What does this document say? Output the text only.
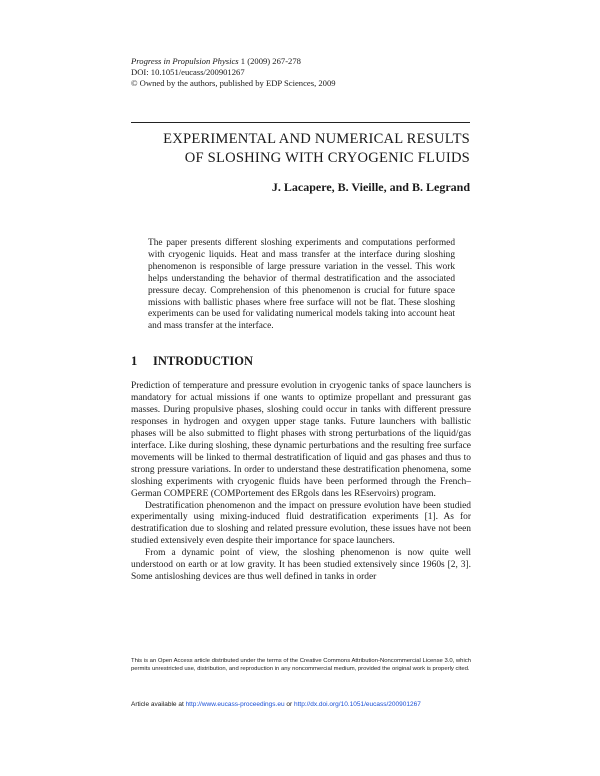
Progress in Propulsion Physics 1 (2009) 267-278
DOI: 10.1051/eucass/200901267
© Owned by the authors, published by EDP Sciences, 2009
EXPERIMENTAL AND NUMERICAL RESULTS
OF SLOSHING WITH CRYOGENIC FLUIDS
J. Lacapere, B. Vieille, and B. Legrand
The paper presents different sloshing experiments and computations performed with cryogenic liquids. Heat and mass transfer at the interface during sloshing phenomenon is responsible of large pressure variation in the vessel. This work helps understanding the behavior of thermal destratification and the associated pressure decay. Comprehension of this phenomenon is crucial for future space missions with ballistic phases where free surface will not be flat. These sloshing experiments can be used for validating numerical models taking into account heat and mass transfer at the interface.
1 INTRODUCTION

Prediction of temperature and pressure evolution in cryogenic tanks of space launchers is mandatory for actual missions if one wants to optimize propellant and pressurant gas masses. During propulsive phases, sloshing could occur in tanks with different pressure responses in hydrogen and oxygen upper stage tanks. Future launchers with ballistic phases will be also submitted to flight phases with strong perturbations of the liquid/gas interface. Like during sloshing, these dynamic perturbations and the resulting free surface movements will be linked to thermal destratification of liquid and gas phases and thus to strong pressure variations. In order to understand these destratification phenomena, some sloshing experiments with cryogenic fluids have been performed through the French–German COMPERE (COMPortement des ERgols dans les REservoirs) program.

Destratification phenomenon and the impact on pressure evolution have been studied experimentally using mixing-induced fluid destratification experiments [1]. As for destratification due to sloshing and related pressure evolution, these issues have not been studied extensively even despite their importance for space launchers.

From a dynamic point of view, the sloshing phenomenon is now quite well understood on earth or at low gravity. It has been studied extensively since 1960s [2, 3]. Some antisloshing devices are thus well defined in tanks in order

This is an Open Access article distributed under the terms of the Creative Commons Attribution-Noncommercial License 3.0, which permits unrestricted use, distribution, and reproduction in any noncommercial medium, provided the original work is properly cited.
Article available at http://www.eucass-proceedings.eu or http://dx.doi.org/10.1051/eucass/200901267
